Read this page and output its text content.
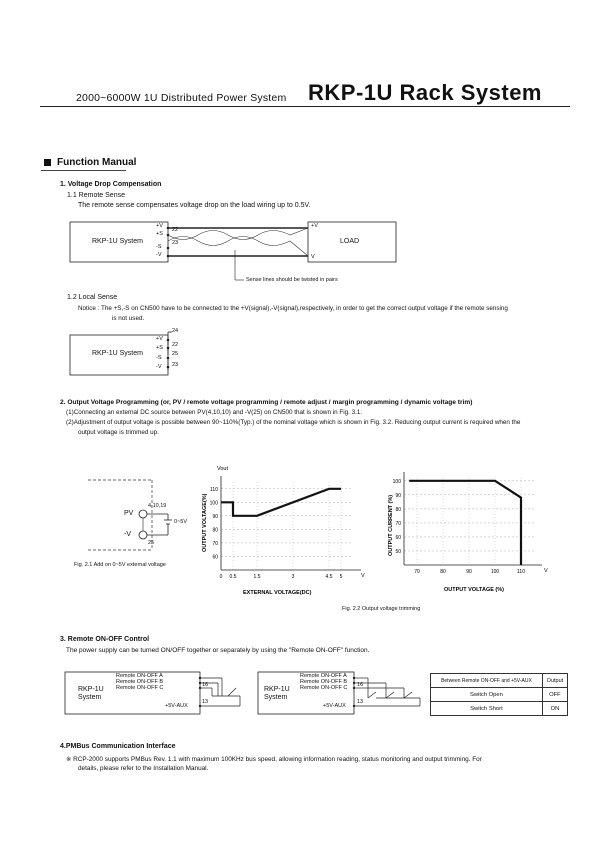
2000~6000W 1U Distributed Power System RKP-1U Rack System
Function Manual
1. Voltage Drop Compensation
1.1 Remote Sense
The remote sense compensates voltage drop on the load wiring up to 0.5V.
RKP-1U System	LOAD
+V
+S
-S
-V
22
23
+V
V
Sense lines should be twisted in pairs
1.2 Local Sense
Notice : The +S,-S on CN500 have to be connected to the +V(signal),-V(signal),respectively, in order to get the correct output voltage if the remote sensing
is not used.
RKP-1U System
+V
+S
-S
-V
24
22
25
23
2. Output Voltage Programming (or, PV / remote voltage programming / remote adjust / margin programming / dynamic voltage trim)
(1)Connecting an external DC source between PV(4,10,10) and -V(25) on CN500 that is shown in Fig. 3.1.
(2)Adjustment of output voltage is possible between 90~110%(Typ.) of the nominal voltage which is shown in Fig. 3.2. Reducing output current is required when the
output voltage is trimmed up.
PV
4,10,19
-V
25
0~5V
Fig. 2.1 Add on 0~5V external voltage
Vout
60
70
80
90
100
110
0 0.5	1.5	3	4.5 5	V
EXTERNAL VOLTAGE(DC)
OUTPUT VOLTAGE(%)	50
60
70
80
90
100
70	80	90	100	110	V
OUTPUT VOLTAGE (%)
OUTPUT CURRENT (%)
Fig. 2.2 Output voltage trimming
3. Remote ON-OFF Control
The power supply can be turned ON/OFF together or separately by using the "Remote ON-OFF" function.
Remote ON-OFF A
Remote ON-OFF B
Remote ON-OFF C	16
13
+5V-AUX
RKP-1U
System
Remote ON-OFF A
Remote ON-OFF B
Remote ON-OFF C 16
13
+5V-AUX
RKP-1U
System
Between Remote ON-OFF and +5V-AUX	Output
Switch Open	OFF
Switch Short	ON
4.PMBus Communication Interface
※ RCP-2000 supports PMBus Rev. 1.1 with maximum 100KHz bus speed, allowing information reading, status monitoring and output trimming. For
details, please refer to the Installation Manual.
